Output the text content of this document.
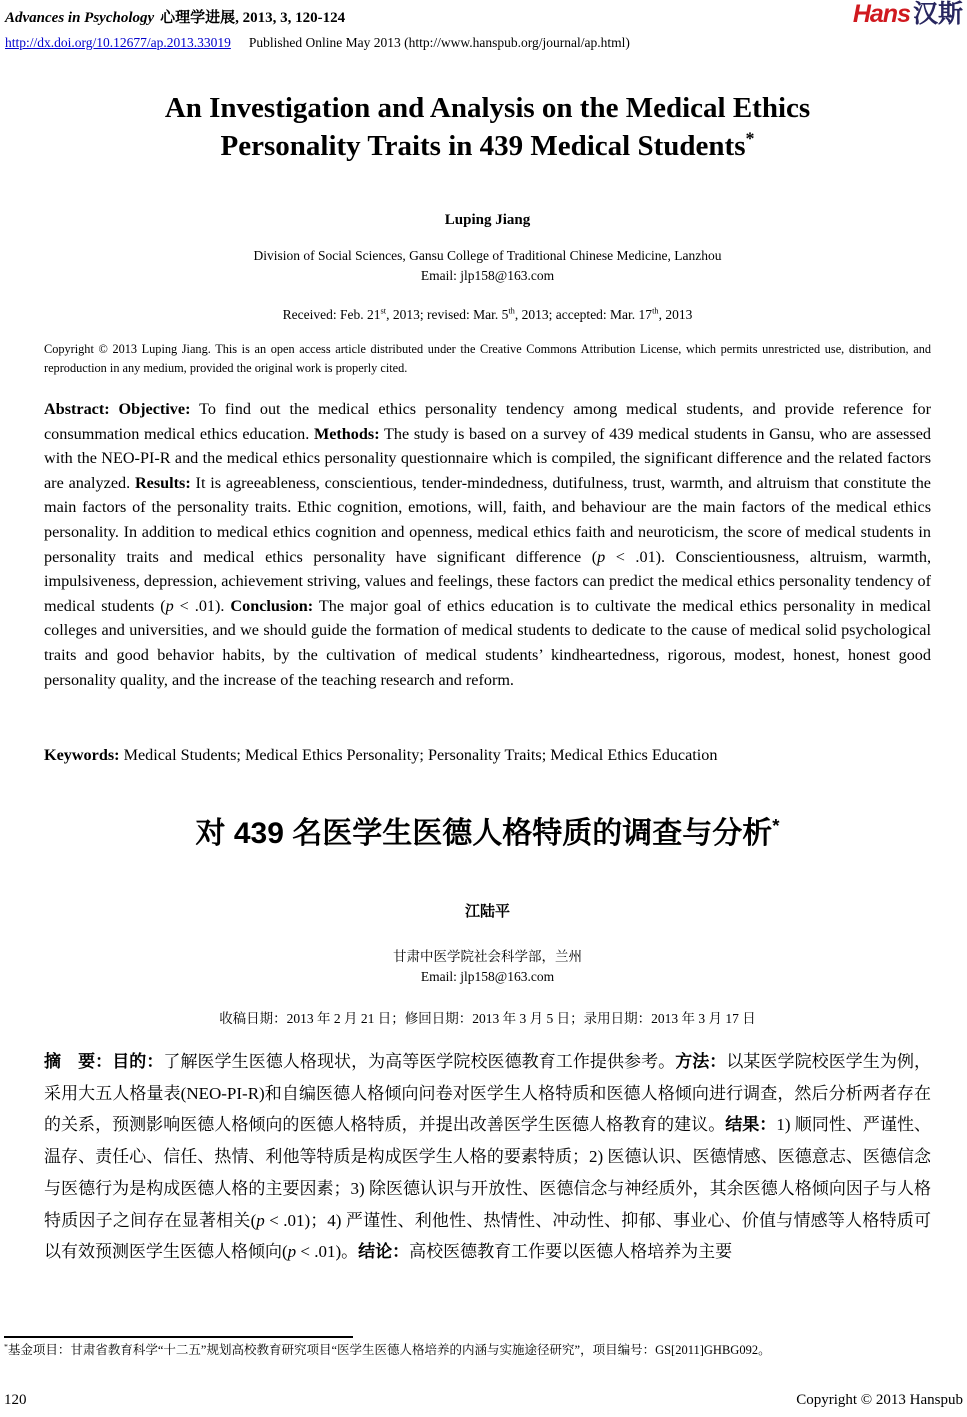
Advances in Psychology 心理学进展, 2013, 3, 120-124
http://dx.doi.org/10.12677/ap.2013.33019 Published Online May 2013 (http://www.hanspub.org/journal/ap.html)
Hans 汉斯
An Investigation and Analysis on the Medical Ethics
Personality Traits in 439 Medical Students*
Luping Jiang
Division of Social Sciences, Gansu College of Traditional Chinese Medicine, Lanzhou
Email: jlp158@163.com
Received: Feb. 21st, 2013; revised: Mar. 5th, 2013; accepted: Mar. 17th, 2013
Copyright © 2013 Luping Jiang. This is an open access article distributed under the Creative Commons Attribution License, which permits unrestricted use, distribution, and reproduction in any medium, provided the original work is properly cited.
Abstract: Objective: To find out the medical ethics personality tendency among medical students, and provide reference for consummation medical ethics education. Methods: The study is based on a survey of 439 medical students in Gansu, who are assessed with the NEO-PI-R and the medical ethics personality questionnaire which is compiled, the significant difference and the related factors are analyzed. Results: It is agreeableness, conscientious, tender-mindedness, dutifulness, trust, warmth, and altruism that constitute the main factors of the personality traits. Ethic cognition, emotions, will, faith, and behaviour are the main factors of the medical ethics personality. In addition to medical ethics cognition and openness, medical ethics faith and neuroticism, the score of medical students in personality traits and medical ethics personality have significant difference (p < .01). Conscientiousness, altruism, warmth, impulsiveness, depression, achievement striving, values and feelings, these factors can predict the medical ethics personality tendency of medical students (p < .01). Conclusion: The major goal of ethics education is to cultivate the medical ethics personality in medical colleges and universities, and we should guide the formation of medical students to dedicate to the cause of medical solid psychological traits and good behavior habits, by the cultivation of medical students’ kindheartedness, rigorous, modest, honest, honest good personality quality, and the increase of the teaching research and reform.
Keywords: Medical Students; Medical Ethics Personality; Personality Traits; Medical Ethics Education
对 439 名医学生医德人格特质的调查与分析*
江陆平
甘肃中医学院社会科学部，兰州
Email: jlp158@163.com
收稿日期：2013 年 2 月 21 日；修回日期：2013 年 3 月 5 日；录用日期：2013 年 3 月 17 日
摘　要：目的：了解医学生医德人格现状，为高等医学院校医德教育工作提供参考。方法：以某医学院校医学生为例，采用大五人格量表(NEO-PI-R)和自编医德人格倾向问卷对医学生人格特质和医德人格倾向进行调查，然后分析两者存在的关系，预测影响医德人格倾向的医德人格特质，并提出改善医学生医德人格教育的建议。结果：1) 顺同性、严谨性、温存、责任心、信任、热情、利他等特质是构成医学生人格的要素特质；2) 医德认识、医德情感、医德意志、医德信念与医德行为是构成医德人格的主要因素；3) 除医德认识与开放性、医德信念与神经质外，其余医德人格倾向因子与人格特质因子之间存在显著相关(p < .01)；4) 严谨性、利他性、热情性、冲动性、抑郁、事业心、价值与情感等人格特质可以有效预测医学生医德人格倾向(p < .01)。结论：高校医德教育工作要以医德人格培养为主要
*基金项目：甘肃省教育科学“十二五”规划高校教育研究项目“医学生医德人格培养的内涵与实施途径研究”，项目编号：GS[2011]GHBG092。
120	Copyright © 2013 Hanspub
